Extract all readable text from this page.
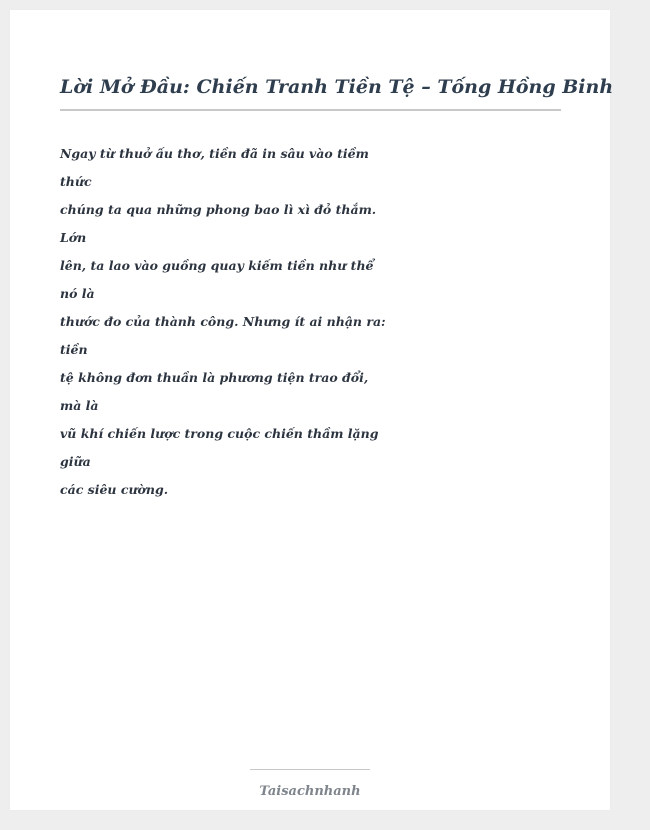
Lời Mở Đầu: Chiến Tranh Tiền Tệ – Tống Hồng Binh
Ngay từ thuở ấu thơ, tiền đã in sâu vào tiềm
thức
chúng ta qua những phong bao lì xì đỏ thắm.
Lớn
lên, ta lao vào guồng quay kiếm tiền như thể
nó là
thước đo của thành công. Nhưng ít ai nhận ra:
tiền
tệ không đơn thuần là phương tiện trao đổi,
mà là
vũ khí chiến lược trong cuộc chiến thầm lặng
giữa
các siêu cường.
Taisachnhanh
